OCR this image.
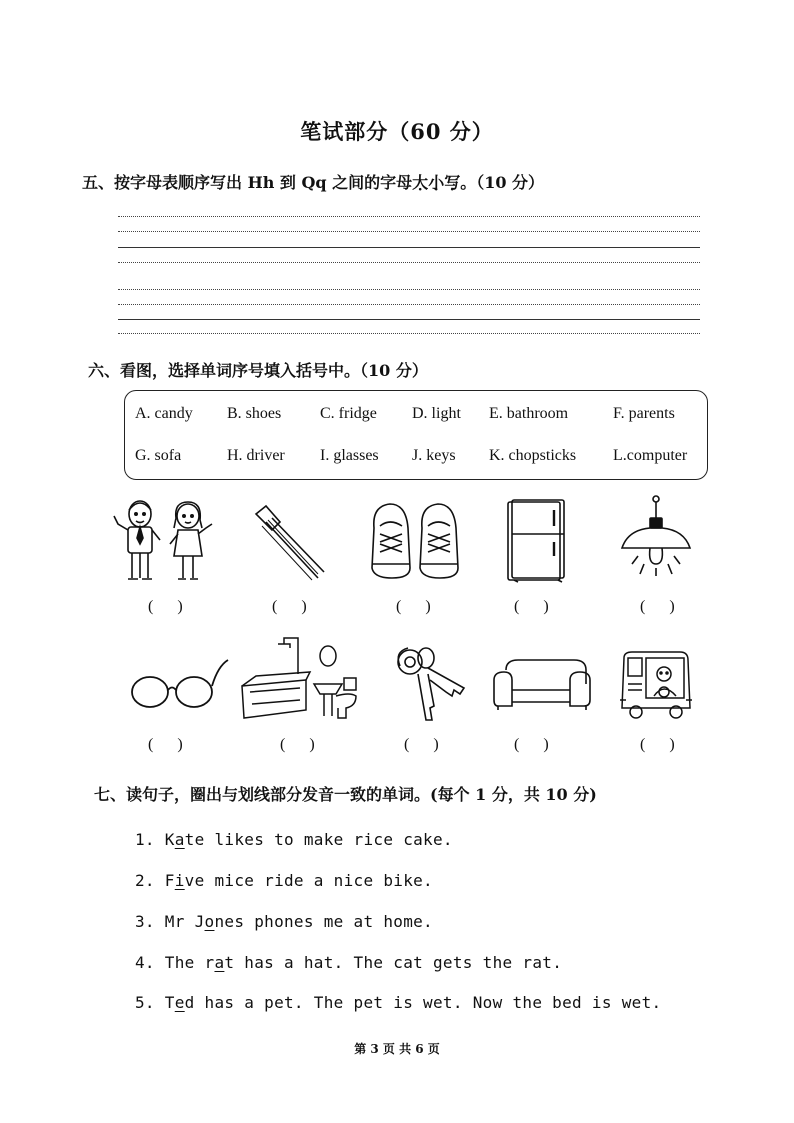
笔试部分（60 分）
五、按字母表顺序写出 Hh 到 Qq 之间的字母大小写。（10 分）
六、看图，选择单词序号填入括号中。（10 分）
A. candy B. shoes C. fridge D. light E. bathroom	F. parents
G. sofa	H. driver I. glasses J. keys K. chopsticks L.computer
(      )	(      )	(      )	(      )	(      )
(      )	(      )	(      )	(      )	(      )
七、读句子，圈出与划线部分发音一致的单词。(每个 1 分，共 10 分)
1. Kate likes to make rice cake.
2. Five mice ride a nice bike.
3. Mr Jones phones me at home.
4. The rat has a hat. The cat gets the rat.
5. Ted has a pet. The pet is wet. Now the bed is wet.
第 3 页 共 6 页
